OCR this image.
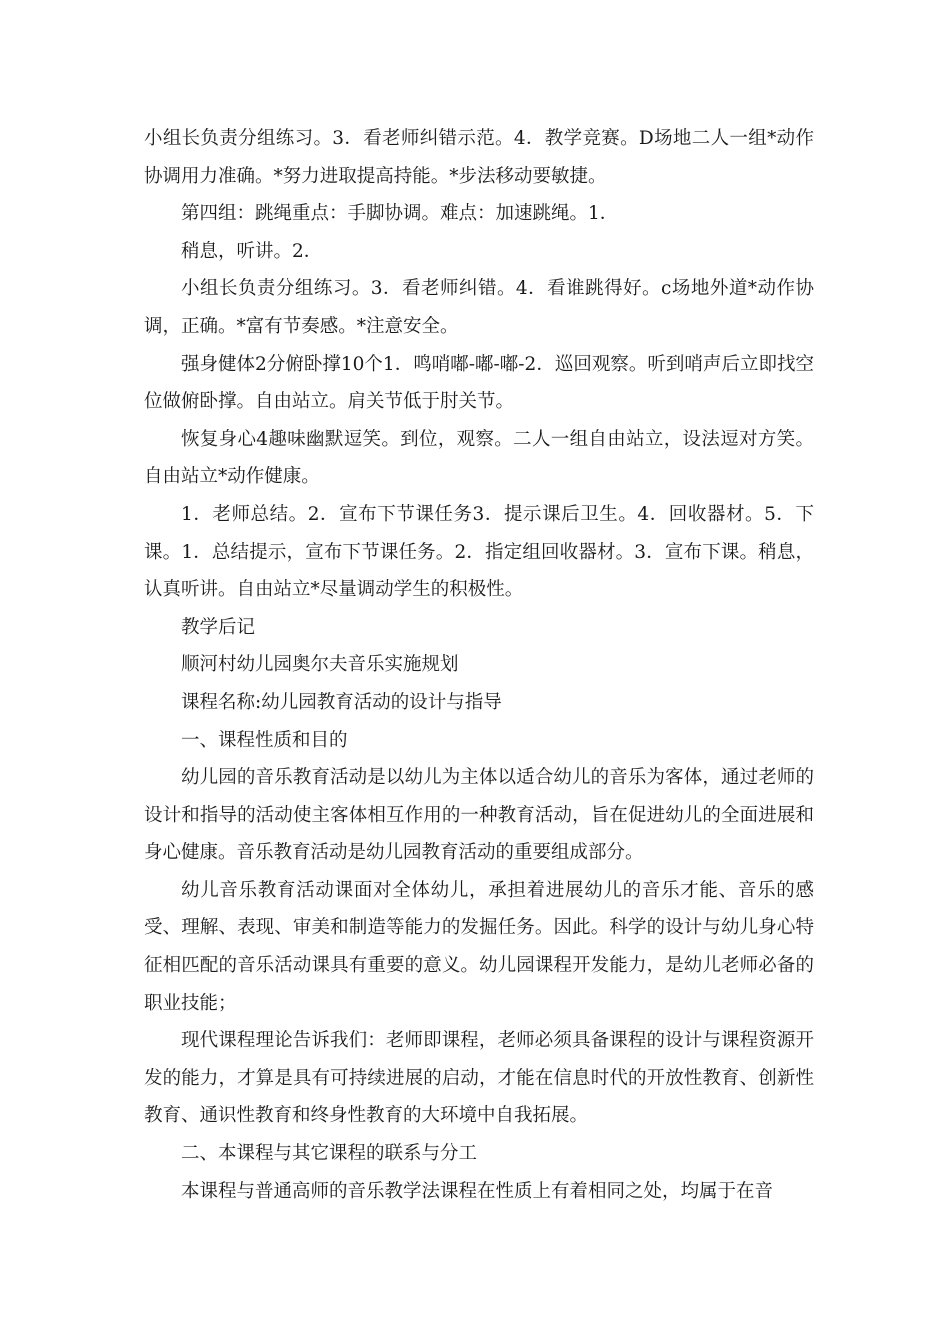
小组长负责分组练习。3．看老师纠错示范。4．教学竞赛。D场地二人一组*动作协调用力准确。*努力进取提高持能。*步法移动要敏捷。

第四组：跳绳重点：手脚协调。难点：加速跳绳。1．

稍息，听讲。2．

小组长负责分组练习。3．看老师纠错。4．看谁跳得好。c场地外道*动作协调，正确。*富有节奏感。*注意安全。

强身健体2分俯卧撑10个1．鸣哨嘟-嘟-嘟-2．巡回观察。听到哨声后立即找空位做俯卧撑。自由站立。肩关节低于肘关节。

恢复身心4趣味幽默逗笑。到位，观察。二人一组自由站立，设法逗对方笑。自由站立*动作健康。

1．老师总结。2．宣布下节课任务3．提示课后卫生。4．回收器材。5．下课。1．总结提示，宣布下节课任务。2．指定组回收器材。3．宣布下课。稍息，认真听讲。自由站立*尽量调动学生的积极性。

教学后记

顺河村幼儿园奥尔夫音乐实施规划

课程名称:幼儿园教育活动的设计与指导

一、课程性质和目的

幼儿园的音乐教育活动是以幼儿为主体以适合幼儿的音乐为客体，通过老师的设计和指导的活动使主客体相互作用的一种教育活动，旨在促进幼儿的全面进展和身心健康。音乐教育活动是幼儿园教育活动的重要组成部分。

幼儿音乐教育活动课面对全体幼儿，承担着进展幼儿的音乐才能、音乐的感受、理解、表现、审美和制造等能力的发掘任务。因此。科学的设计与幼儿身心特征相匹配的音乐活动课具有重要的意义。幼儿园课程开发能力，是幼儿老师必备的职业技能；

现代课程理论告诉我们：老师即课程，老师必须具备课程的设计与课程资源开发的能力，才算是具有可持续进展的启动，才能在信息时代的开放性教育、创新性教育、通识性教育和终身性教育的大环境中自我拓展。

二、本课程与其它课程的联系与分工

本课程与普通高师的音乐教学法课程在性质上有着相同之处，均属于在音
